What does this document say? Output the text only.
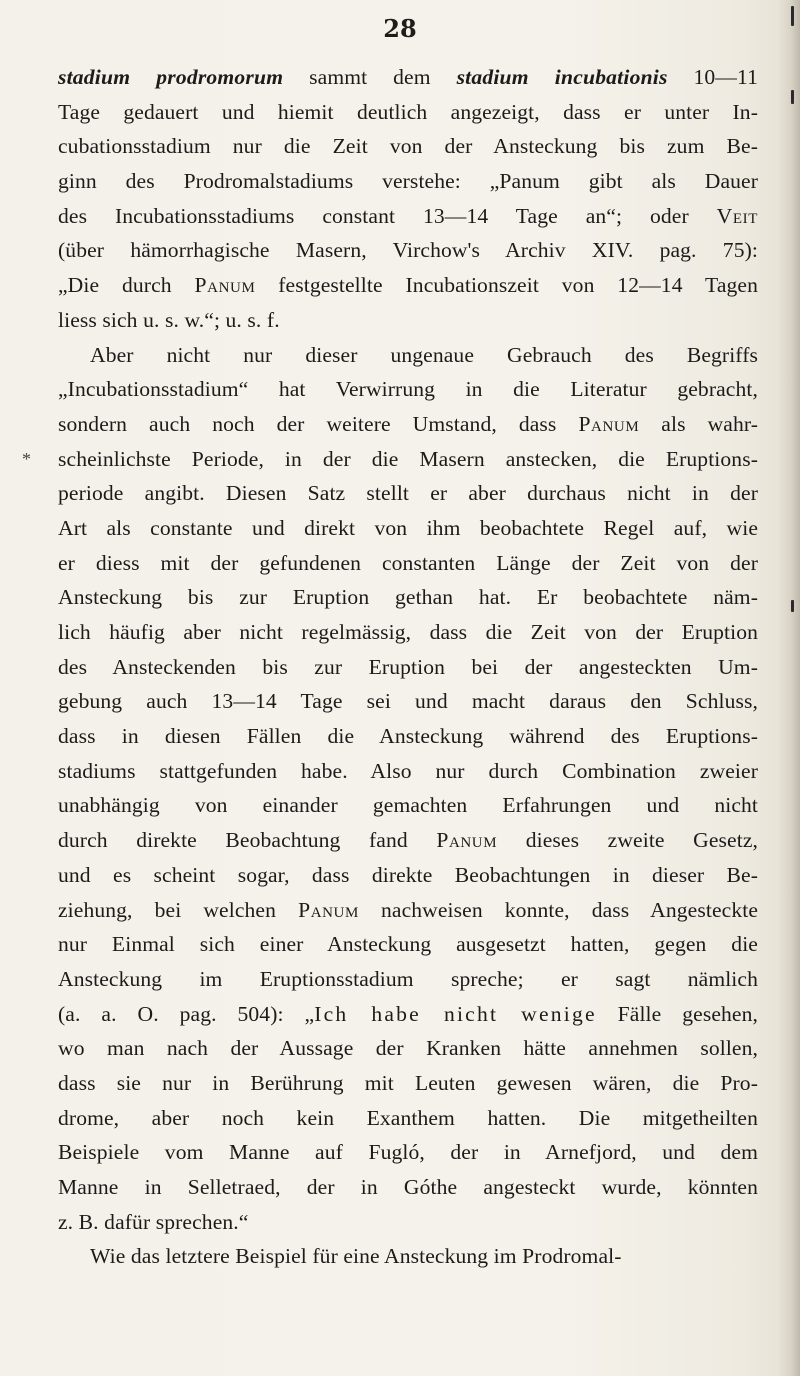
28
stadium prodromorum sammt dem stadium incubationis 10—11
Tage gedauert und hiemit deutlich angezeigt, dass er unter In-
cubationsstadium nur die Zeit von der Ansteckung bis zum Be-
ginn des Prodromalstadiums verstehe: „Panum gibt als Dauer
des Incubationsstadiums constant 13—14 Tage an“; oder Veit
(über hämorrhagische Masern, Virchow's Archiv XIV. pag. 75):
„Die durch Panum festgestellte Incubationszeit von 12—14 Tagen
liess sich u. s. w.“; u. s. f.
Aber nicht nur dieser ungenaue Gebrauch des Begriffs
„Incubationsstadium“ hat Verwirrung in die Literatur gebracht,
sondern auch noch der weitere Umstand, dass Panum als wahr-
* scheinlichste Periode, in der die Masern anstecken, die Eruptions-
periode angibt. Diesen Satz stellt er aber durchaus nicht in der
Art als constante und direkt von ihm beobachtete Regel auf, wie
er diess mit der gefundenen constanten Länge der Zeit von der
Ansteckung bis zur Eruption gethan hat. Er beobachtete näm-
lich häufig aber nicht regelmässig, dass die Zeit von der Eruption
des Ansteckenden bis zur Eruption bei der angesteckten Um-
gebung auch 13—14 Tage sei und macht daraus den Schluss,
dass in diesen Fällen die Ansteckung während des Eruptions-
stadiums stattgefunden habe. Also nur durch Combination zweier
unabhängig von einander gemachten Erfahrungen und nicht
durch direkte Beobachtung fand Panum dieses zweite Gesetz,
und es scheint sogar, dass direkte Beobachtungen in dieser Be-
ziehung, bei welchen Panum nachweisen konnte, dass Angesteckte
nur Einmal sich einer Ansteckung ausgesetzt hatten, gegen die
Ansteckung im Eruptionsstadium spreche; er sagt nämlich
(a. a. O. pag. 504): „Ich habe nicht wenige Fälle gesehen,
wo man nach der Aussage der Kranken hätte annehmen sollen,
dass sie nur in Berührung mit Leuten gewesen wären, die Pro-
drome, aber noch kein Exanthem hatten. Die mitgetheilten
Beispiele vom Manne auf Fugló, der in Arnefjord, und dem
Manne in Selletraed, der in Góthe angesteckt wurde, könnten
z. B. dafür sprechen.“
Wie das letztere Beispiel für eine Ansteckung im Prodromal-
